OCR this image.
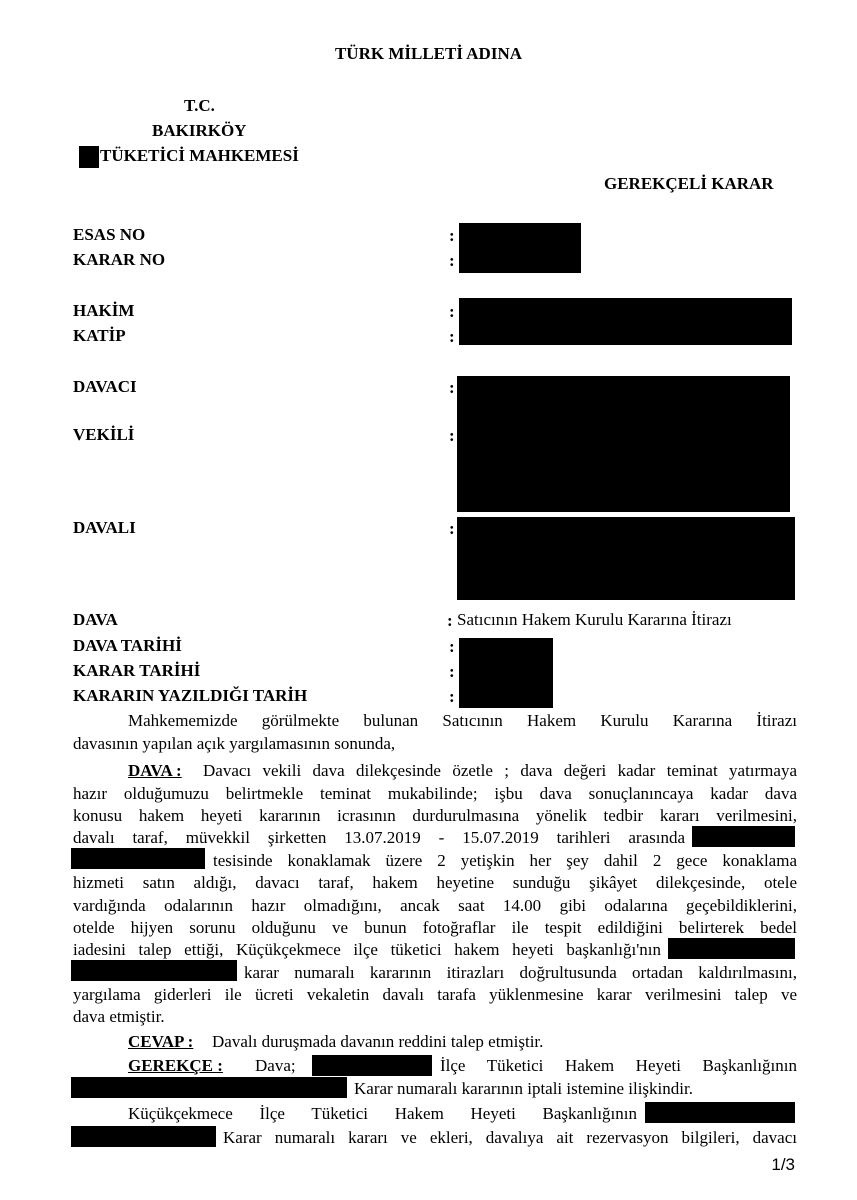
TÜRK MİLLETİ ADINA
T.C.
BAKIRKÖY
TÜKETİCİ MAHKEMESİ
GEREKÇELİ KARAR
ESAS NO
KARAR NO
HAKİM
KATİP
DAVACI
VEKİLİ
DAVALI
DAVA
DAVA TARİHİ
KARAR TARİHİ
KARARIN YAZILDIĞI TARİH
:
:
:
:
:
:
:
:
:
:
:
Satıcının Hakem Kurulu Kararına İtirazı
Mahkememizde görülmekte bulunan Satıcının Hakem Kurulu Kararına İtirazı
davasının yapılan açık yargılamasının sonunda,
DAVA : Davacı vekili dava dilekçesinde özetle ; dava değeri kadar teminat yatırmaya
hazır olduğumuzu belirtmekle teminat mukabilinde; işbu dava sonuçlanıncaya kadar dava
konusu hakem heyeti kararının icrasının durdurulmasına yönelik tedbir kararı verilmesini,
davalı taraf, müvekkil şirketten 13.07.2019 - 15.07.2019 tarihleri arasında
tesisinde konaklamak üzere 2 yetişkin her şey dahil 2 gece konaklama
hizmeti satın aldığı, davacı taraf, hakem heyetine sunduğu şikâyet dilekçesinde, otele
vardığında odalarının hazır olmadığını, ancak saat 14.00 gibi odalarına geçebildiklerini,
otelde hijyen sorunu olduğunu ve bunun fotoğraflar ile tespit edildiğini belirterek bedel
iadesini talep ettiği, Küçükçekmece ilçe tüketici hakem heyeti başkanlığı'nın
karar numaralı kararının itirazları doğrultusunda ortadan kaldırılmasını,
yargılama giderleri ile ücreti vekaletin davalı tarafa yüklenmesine karar verilmesini talep ve
dava etmiştir.
CEVAP : Davalı duruşmada davanın reddini talep etmiştir.
GEREKÇE : Dava;	İlçe Tüketici Hakem Heyeti Başkanlığının
Karar numaralı kararının iptali istemine ilişkindir.
Küçükçekmece İlçe Tüketici Hakem Heyeti Başkanlığının
Karar numaralı kararı ve ekleri, davalıya ait rezervasyon bilgileri, davacı
1/3
